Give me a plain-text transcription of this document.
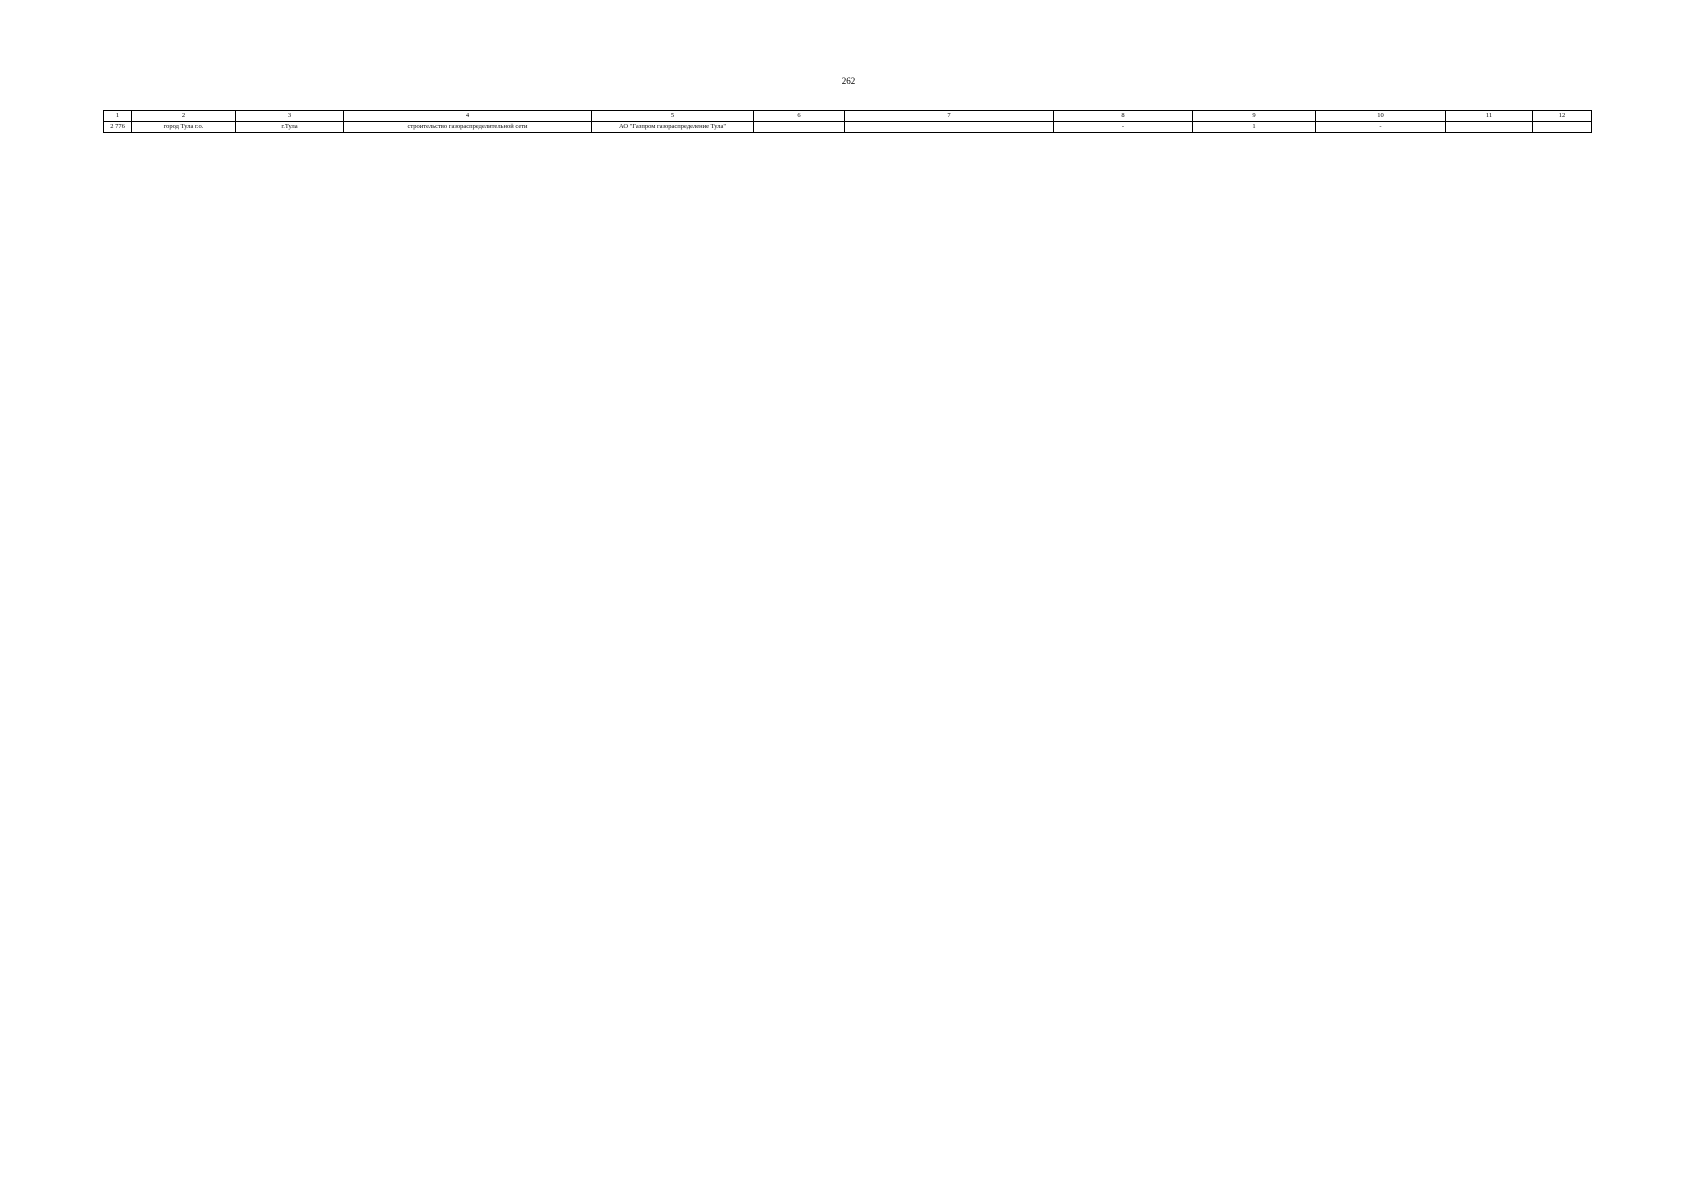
262
1	2	3	4	5	6	7	8	9	10	11	12
2 776	город Тула г.о.	г.Тула	строительство газораспределительной сети	АО "Газпром газораспределение Тула"			-	1	-		
